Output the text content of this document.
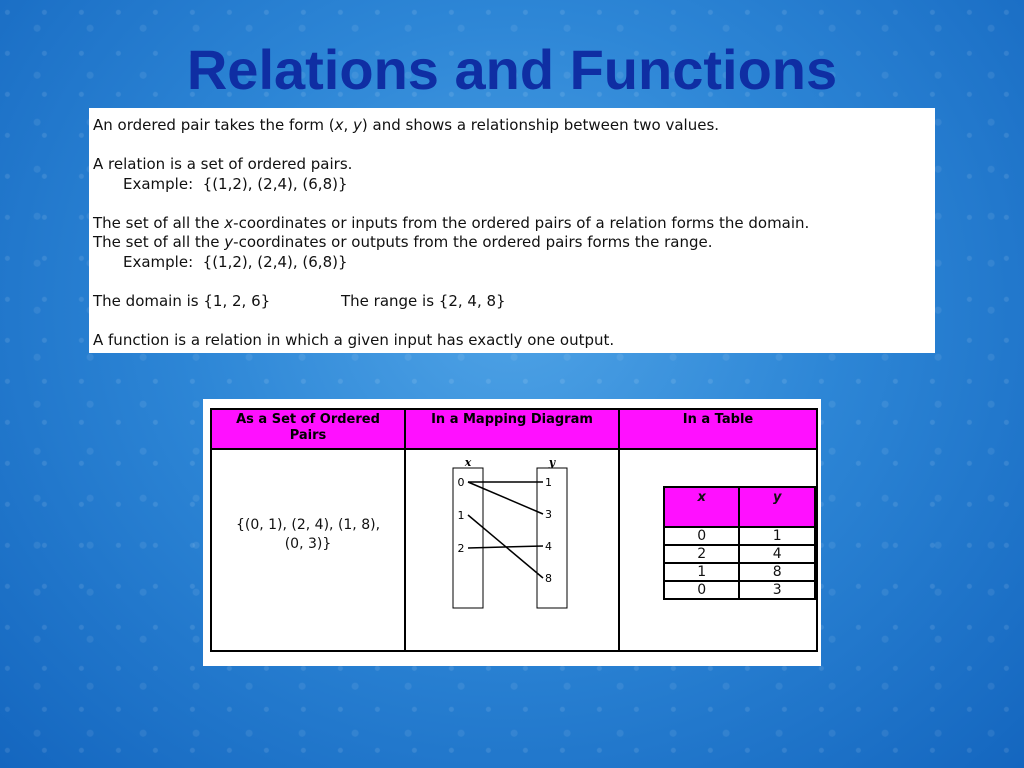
Relations and Functions
An ordered pair takes the form (x, y) and shows a relationship between two values.
A relation is a set of ordered pairs.
Example:  {(1,2), (2,4), (6,8)}
The set of all the x-coordinates or inputs from the ordered pairs of a relation forms the domain.
The set of all the y-coordinates or outputs from the ordered pairs forms the range.
Example:  {(1,2), (2,4), (6,8)}
The domain is {1, 2, 6}	The range is {2, 4, 8}
A function is a relation in which a given input has exactly one output.
As a Set of Ordered Pairs	In a Mapping Diagram	In a Table

{(0, 1), (2, 4), (1, 8),
(0, 3)}

x	y
0
1
2
1
3
4
8

x	y
0	1
2	4
1	8
0	3
